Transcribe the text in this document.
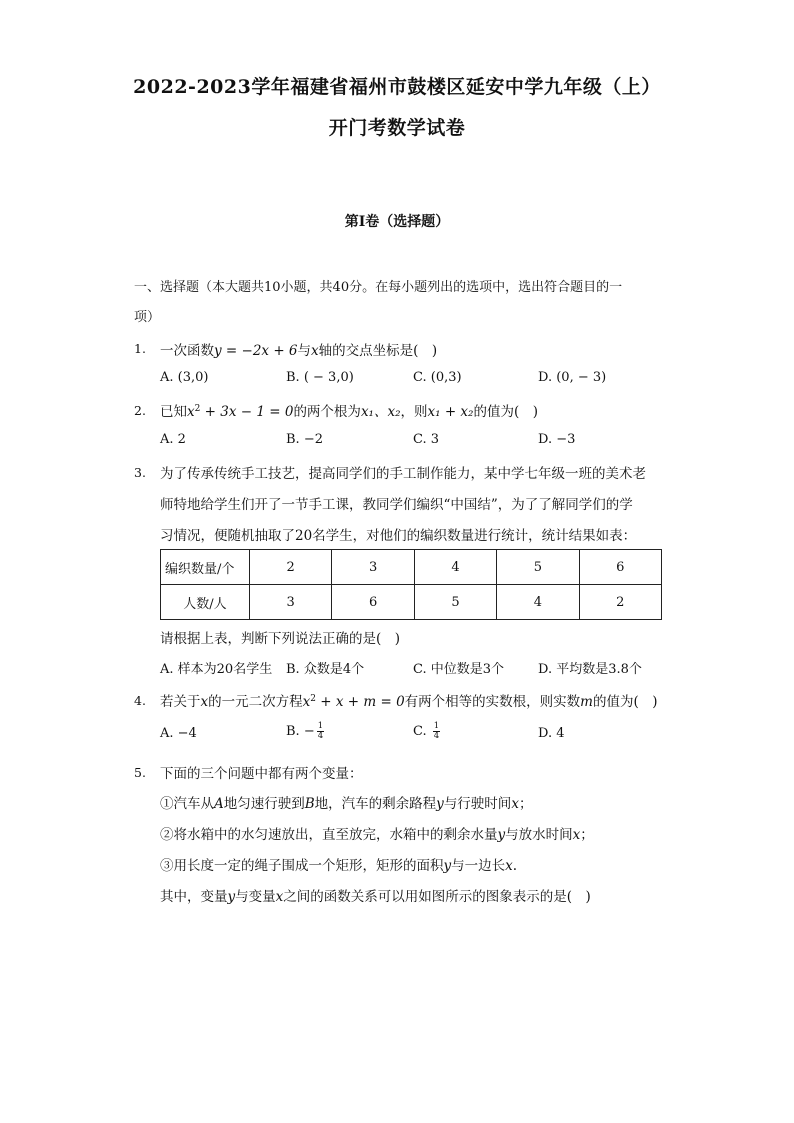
2022-2023学年福建省福州市鼓楼区延安中学九年级（上）
开门考数学试卷
第I卷（选择题）
一、选择题（本大题共10小题，共40分。在每小题列出的选项中，选出符合题目的一
项）
1. 一次函数y = −2x + 6与x轴的交点坐标是(　)
A. (3,0)	B. ( − 3,0)	C. (0,3)	D. (0, − 3)
2. 已知$x^2 + 3x - 1 = 0$的两个根为x₁、x₂，则x₁ + x₂的值为(　)
A. 2	B. −2	C. 3	D. −3
3. 为了传承传统手工技艺，提高同学们的手工制作能力，某中学七年级一班的美术老
师特地给学生们开了一节手工课，教同学们编织“中国结”，为了了解同学们的学
习情况，便随机抽取了20名学生，对他们的编织数量进行统计，统计结果如表：
编织数量/个	2	3	4	5	6
人数/人	3	6	5	4	2
请根据上表，判断下列说法正确的是(　)
A. 样本为20名学生 B. 众数是4个	C. 中位数是3个	D. 平均数是3.8个
4. 若关于x的一元二次方程$x^2 + x + m = 0$有两个相等的实数根，则实数m的值为(　)
A. −4	B. − $\frac{1}{4}$	C. $\frac{1}{4}$	D. 4
5. 下面的三个问题中都有两个变量：
①汽车从A地匀速行驶到B地，汽车的剩余路程y与行驶时间x；
②将水箱中的水匀速放出，直至放完，水箱中的剩余水量y与放水时间x；
③用长度一定的绳子围成一个矩形，矩形的面积y与一边长x.
其中，变量y与变量x之间的函数关系可以用如图所示的图象表示的是(　)
